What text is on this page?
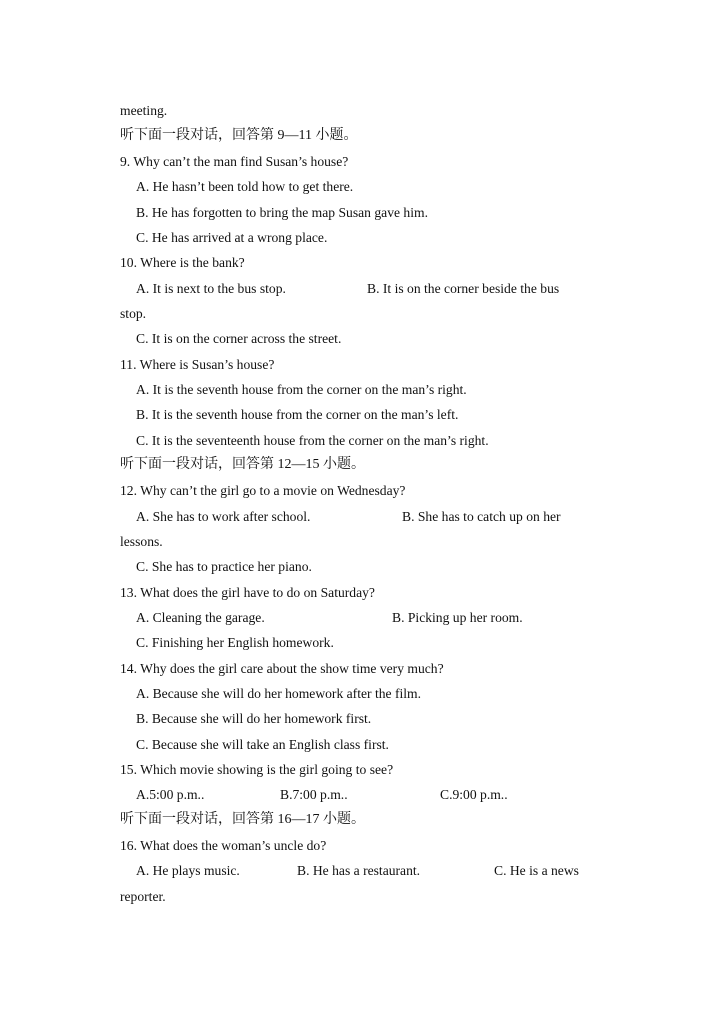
meeting.
听下面一段对话，回答第 9—11 小题。
9. Why can’t the man find Susan’s house?
A. He hasn’t been told how to get there.
B. He has forgotten to bring the map Susan gave him.
C. He has arrived at a wrong place.
10. Where is the bank?
A. It is next to the bus stop.	B. It is on the corner beside the bus
stop.
C. It is on the corner across the street.
11. Where is Susan’s house?
A. It is the seventh house from the corner on the man’s right.
B. It is the seventh house from the corner on the man’s left.
C. It is the seventeenth house from the corner on the man’s right.
听下面一段对话，回答第 12—15 小题。
12. Why can’t the girl go to a movie on Wednesday?
A. She has to work after school.	B. She has to catch up on her
lessons.
C. She has to practice her piano.
13. What does the girl have to do on Saturday?
A. Cleaning the garage.	B. Picking up her room.
C. Finishing her English homework.
14. Why does the girl care about the show time very much?
A. Because she will do her homework after the film.
B. Because she will do her homework first.
C. Because she will take an English class first.
15. Which movie showing is the girl going to see?
A.5:00 p.m..	B.7:00 p.m..	C.9:00 p.m..
听下面一段对话，回答第 16—17 小题。
16. What does the woman’s uncle do?
A. He plays music.	B. He has a restaurant.	C. He is a news
reporter.
